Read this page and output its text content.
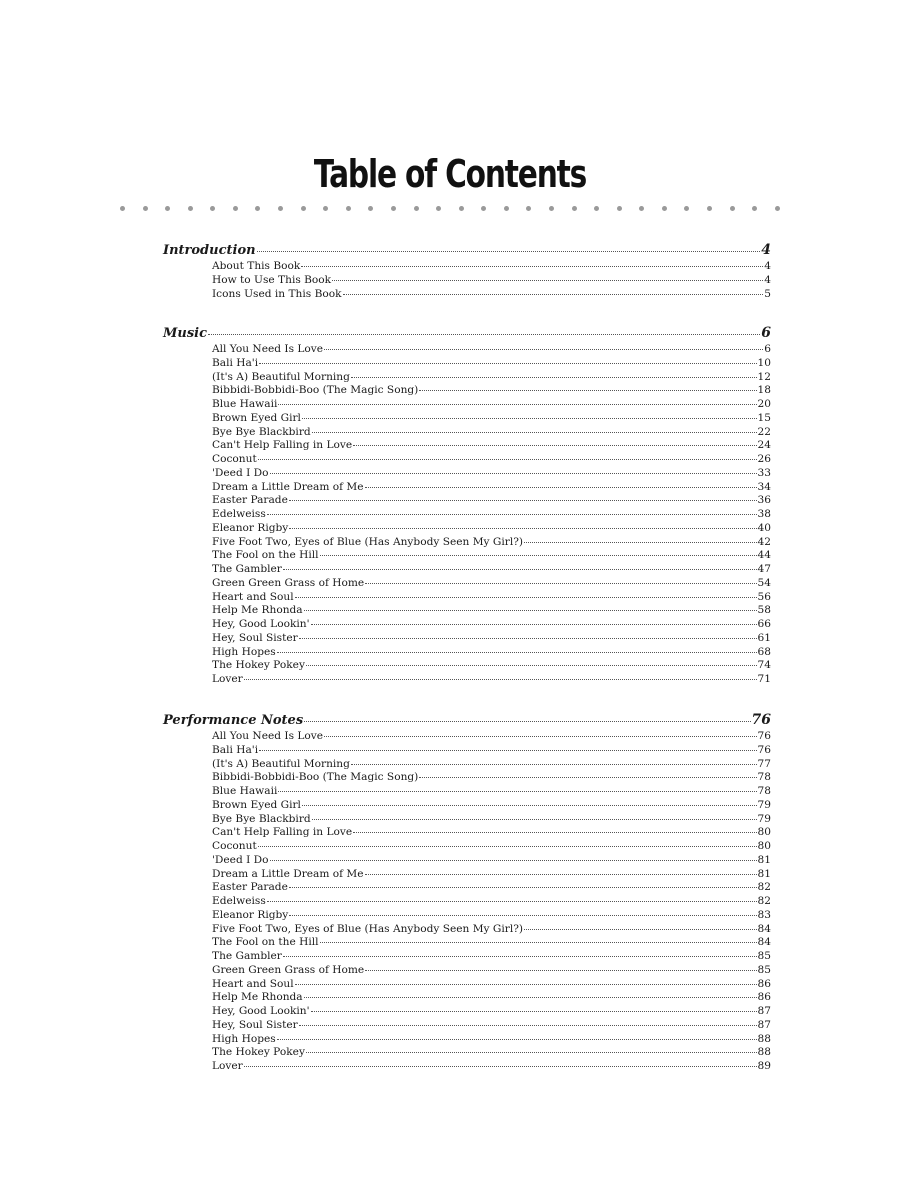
Table of Contents
Introduction	4
About This Book	4
How to Use This Book	4
Icons Used in This Book	5
Music	6
All You Need Is Love	6
Bali Ha'i	10
(It's A) Beautiful Morning	12
Bibbidi-Bobbidi-Boo (The Magic Song)	18
Blue Hawaii	20
Brown Eyed Girl	15
Bye Bye Blackbird	22
Can't Help Falling in Love	24
Coconut	26
'Deed I Do	33
Dream a Little Dream of Me	34
Easter Parade	36
Edelweiss	38
Eleanor Rigby	40
Five Foot Two, Eyes of Blue (Has Anybody Seen My Girl?)	42
The Fool on the Hill	44
The Gambler	47
Green Green Grass of Home	54
Heart and Soul	56
Help Me Rhonda	58
Hey, Good Lookin'	66
Hey, Soul Sister	61
High Hopes	68
The Hokey Pokey	74
Lover	71
Performance Notes	76
All You Need Is Love	76
Bali Ha'i	76
(It's A) Beautiful Morning	77
Bibbidi-Bobbidi-Boo (The Magic Song)	78
Blue Hawaii	78
Brown Eyed Girl	79
Bye Bye Blackbird	79
Can't Help Falling in Love	80
Coconut	80
'Deed I Do	81
Dream a Little Dream of Me	81
Easter Parade	82
Edelweiss	82
Eleanor Rigby	83
Five Foot Two, Eyes of Blue (Has Anybody Seen My Girl?)	84
The Fool on the Hill	84
The Gambler	85
Green Green Grass of Home	85
Heart and Soul	86
Help Me Rhonda	86
Hey, Good Lookin'	87
Hey, Soul Sister	87
High Hopes	88
The Hokey Pokey	88
Lover	89
